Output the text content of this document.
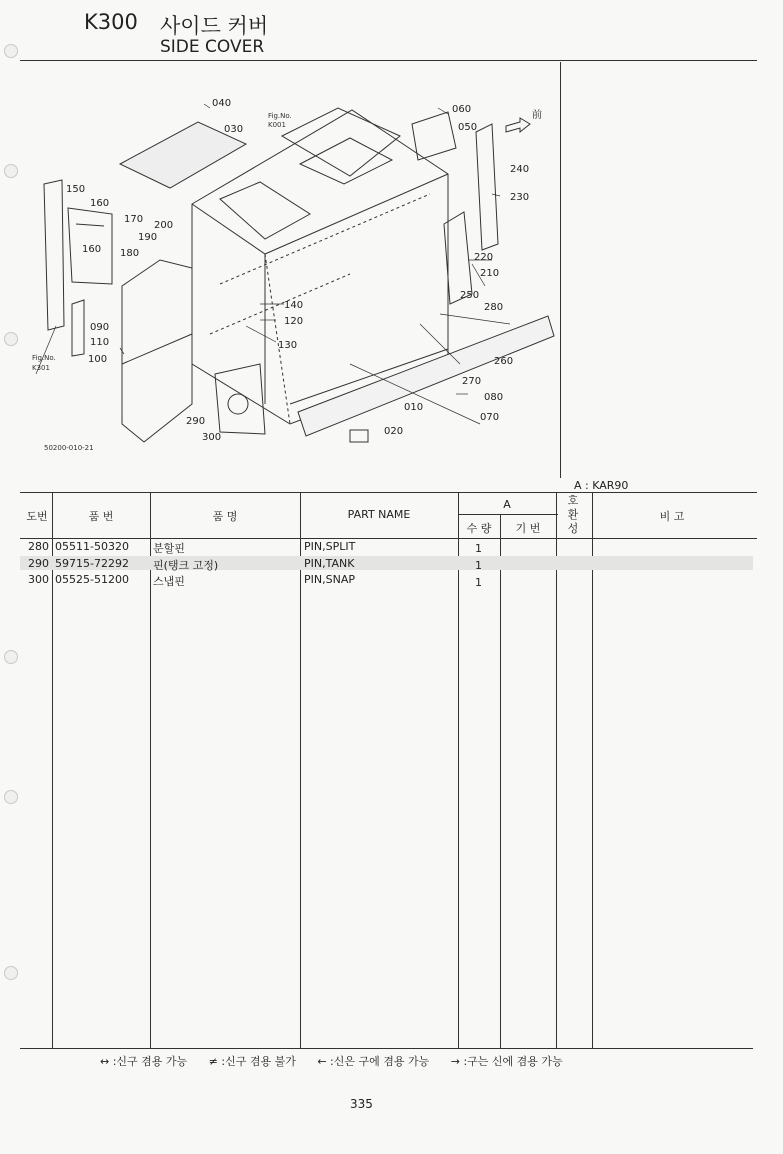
K300 사이드 커버
SIDE COVER
040
030
060
050
240
230
150
160
170
200
190
180
160
220
210
250
280
140
120
130
090
110
100	260
270
080
070
010
020
290
300
Fig.No.
K001
Fig.No.
K301
前
50200-010-21
A : KAR90
도번	품 번	품 명	PART NAME
A
수 량	기 번
호환성
비 고
280 05511-50320 분할핀	PIN,SPLIT	1
290 59715-72292 핀(탱크 고정)	PIN,TANK	1
300 05525-51200 스냅핀	PIN,SNAP	1
↔ :신구 겸용 가능 ≠ :신구 겸용 불가 ← :신은 구에 겸용 가능 → :구는 신에 겸용 가능
335
